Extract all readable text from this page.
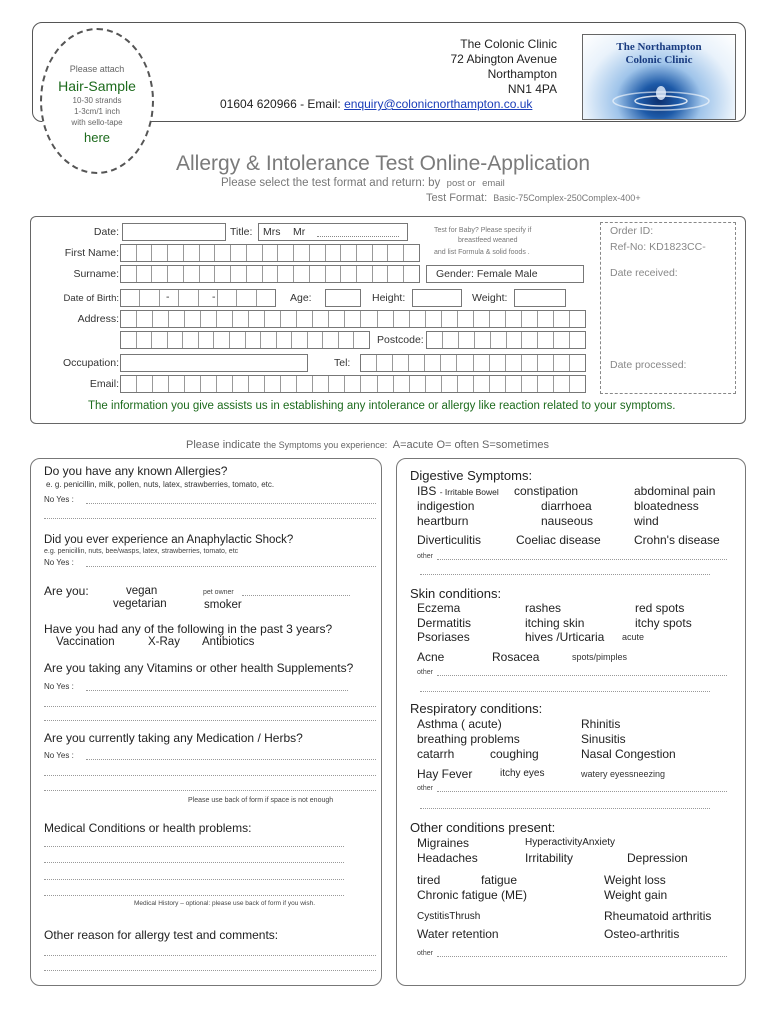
Please attach
Hair-Sample
10-30 strands
1-3cm/1 inch
with sello-tape
here
The Colonic Clinic
72 Abington Avenue
Northampton
NN1 4PA
01604 620966 - Email: enquiry@colonicnorthampton.co.uk
The Northampton
Colonic Clinic
Allergy & Intolerance Test Online-Application
Please select the test format and return: by post or email
Test Format: Basic-75Complex-250Complex-400+
Date:	Title: Mrs Mr	Test for Baby? Please specify if
breastfeed weaned
and list Formula & solid foods .
Order ID:
Ref-No: KD1823CC-
Date received:
Date processed:
First Name:
Surname:	Gender: Female Male
Date of Birth:	-	-	Age:	Height:	Weight:
Address:
Postcode:
Occupation:	Tel:
Email:
The information you give assists us in establishing any intolerance or allergy like reaction related to your symptoms.
Please indicate the Symptoms you experience: A=acute O= often S=sometimes
Do you have any known Allergies?
e. g. penicillin, milk, pollen, nuts, latex, strawberries, tomato, etc.
No Yes :
Did you ever experience an Anaphylactic Shock?
e.g. penicillin, nuts, bee/wasps, latex, strawberries, tomato, etc
No Yes :
Are you:	vegan	pet owner
vegetarian	smoker
Have you had any of the following in the past 3 years?
Vaccination	X-Ray Antibiotics
Are you taking any Vitamins or other health Supplements?
No Yes :
Are you currently taking any Medication / Herbs?
No Yes :
Please use back of form if space is not enough
Medical Conditions or health problems:
Medical History – optional: please use back of form if you wish.
Other reason for allergy test and comments:
Digestive Symptoms:
IBS - Irritable Bowel constipation	abdominal pain
indigestion	diarrhoea	bloatedness
heartburn	nauseous	wind
Diverticulitis	Coeliac disease	Crohn's disease
other
Skin conditions:
Eczema	rashes	red spots
Dermatitis	itching skin	itchy spots
Psoriases	hives /Urticaria acute
Acne	Rosacea	spots/pimples
other
Respiratory conditions:
Asthma ( acute)	Rhinitis
breathing problems	Sinusitis
catarrh	coughing	Nasal Congestion
Hay Fever	itchy eyes	watery eyessneezing
other
Other conditions present:
Migraines	HyperactivityAnxiety
Headaches	Irritability	Depression
tired	fatigue	Weight loss
Chronic fatigue (ME)	Weight gain
CystitisThrush	Rheumatoid arthritis
Water retention	Osteo-arthritis
other
